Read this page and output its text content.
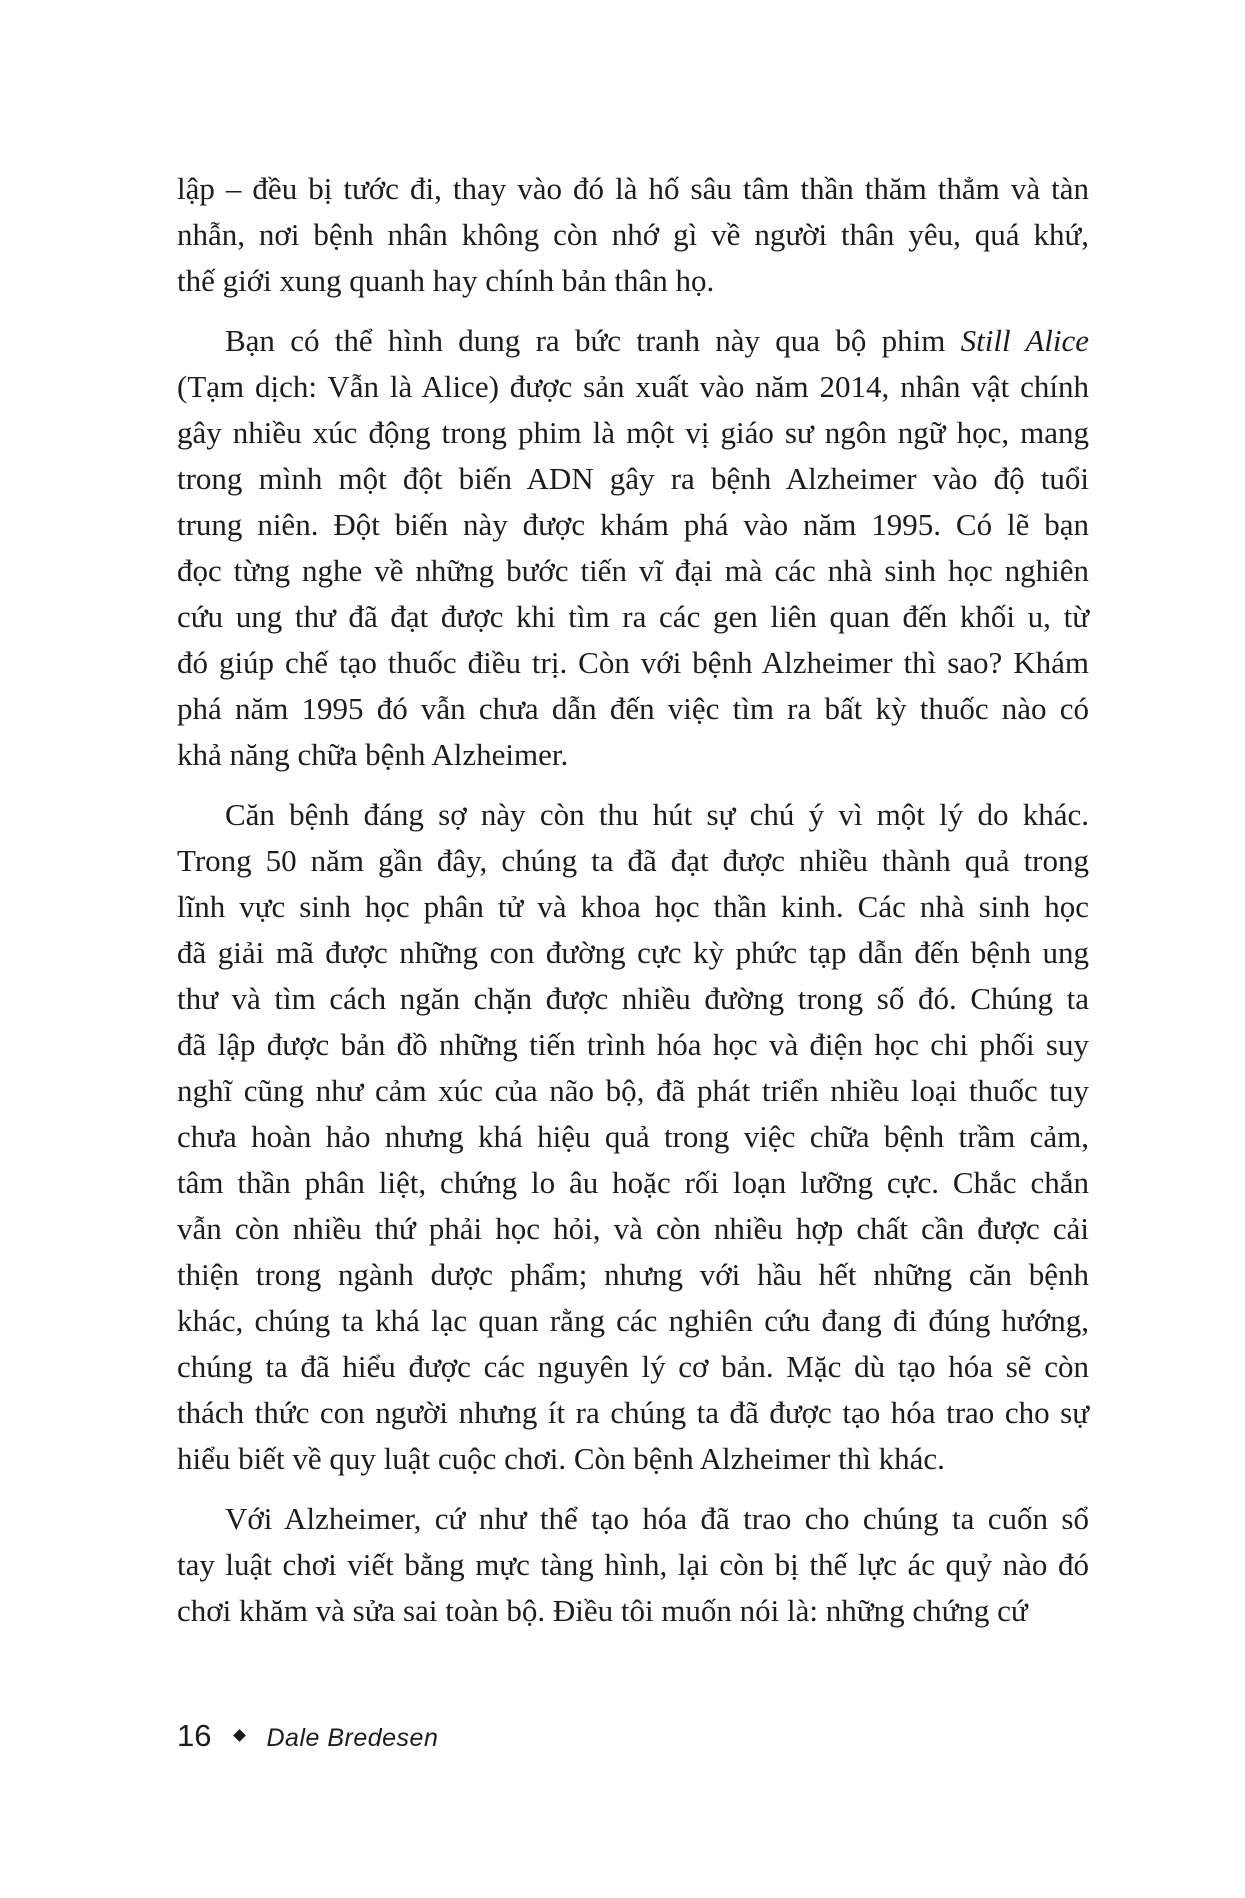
lập – đều bị tước đi, thay vào đó là hố sâu tâm thần thăm thẳm và tàn
nhẫn, nơi bệnh nhân không còn nhớ gì về người thân yêu, quá khứ,
thế giới xung quanh hay chính bản thân họ.
Bạn có thể hình dung ra bức tranh này qua bộ phim Still Alice
(Tạm dịch: Vẫn là Alice) được sản xuất vào năm 2014, nhân vật chính
gây nhiều xúc động trong phim là một vị giáo sư ngôn ngữ học, mang
trong mình một đột biến ADN gây ra bệnh Alzheimer vào độ tuổi
trung niên. Đột biến này được khám phá vào năm 1995. Có lẽ bạn
đọc từng nghe về những bước tiến vĩ đại mà các nhà sinh học nghiên
cứu ung thư đã đạt được khi tìm ra các gen liên quan đến khối u, từ
đó giúp chế tạo thuốc điều trị. Còn với bệnh Alzheimer thì sao? Khám
phá năm 1995 đó vẫn chưa dẫn đến việc tìm ra bất kỳ thuốc nào có
khả năng chữa bệnh Alzheimer.
Căn bệnh đáng sợ này còn thu hút sự chú ý vì một lý do khác.
Trong 50 năm gần đây, chúng ta đã đạt được nhiều thành quả trong
lĩnh vực sinh học phân tử và khoa học thần kinh. Các nhà sinh học
đã giải mã được những con đường cực kỳ phức tạp dẫn đến bệnh ung
thư và tìm cách ngăn chặn được nhiều đường trong số đó. Chúng ta
đã lập được bản đồ những tiến trình hóa học và điện học chi phối suy
nghĩ cũng như cảm xúc của não bộ, đã phát triển nhiều loại thuốc tuy
chưa hoàn hảo nhưng khá hiệu quả trong việc chữa bệnh trầm cảm,
tâm thần phân liệt, chứng lo âu hoặc rối loạn lưỡng cực. Chắc chắn
vẫn còn nhiều thứ phải học hỏi, và còn nhiều hợp chất cần được cải
thiện trong ngành dược phẩm; nhưng với hầu hết những căn bệnh
khác, chúng ta khá lạc quan rằng các nghiên cứu đang đi đúng hướng,
chúng ta đã hiểu được các nguyên lý cơ bản. Mặc dù tạo hóa sẽ còn
thách thức con người nhưng ít ra chúng ta đã được tạo hóa trao cho sự
hiểu biết về quy luật cuộc chơi. Còn bệnh Alzheimer thì khác.
Với Alzheimer, cứ như thể tạo hóa đã trao cho chúng ta cuốn sổ
tay luật chơi viết bằng mực tàng hình, lại còn bị thế lực ác quỷ nào đó
chơi khăm và sửa sai toàn bộ. Điều tôi muốn nói là: những chứng cứ
16 Dale Bredesen
